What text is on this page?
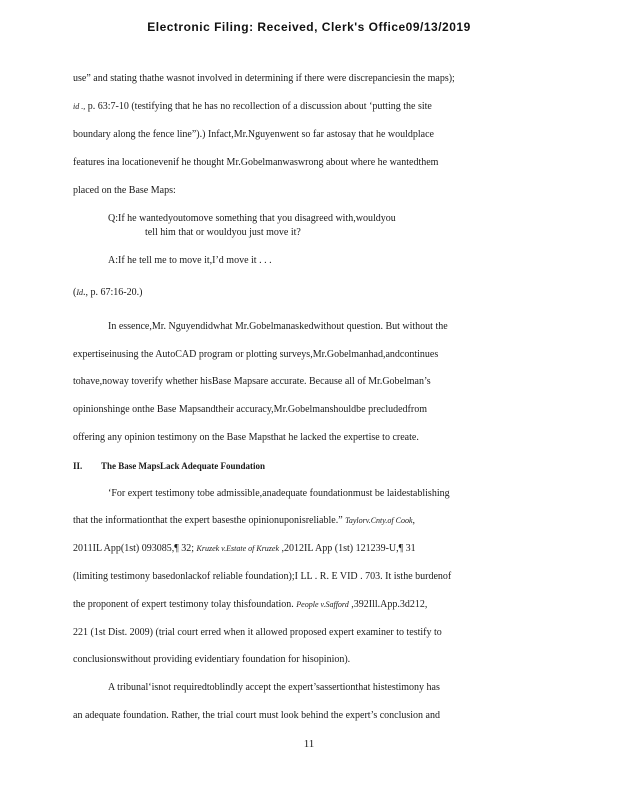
Electronic Filing: Received, Clerk's Office09/13/2019
use” and stating thathe wasnot involved in determining if there were discrepanciesin the maps);
id ., p. 63:7-10 (testifying that he has no recollection of a discussion about ‘putting the site
boundary along the fence line”).) Infact,Mr.Nguyenwent so far astosay that he wouldplace
features ina locationevenif he thought Mr.Gobelmanwaswrong about where he wantedthem
placed on the Base Maps:
Q:If he wantedyoutomove something that you disagreed with,wouldyou
tell him that or wouldyou just move it?
A:If he tell me to move it,I’d move it . . .
(Id., p. 67:16-20.)
In essence,Mr. Nguyendidwhat Mr.Gobelmanaskedwithout question. But without the
expertiseinusing the AutoCAD program or plotting surveys,Mr.Gobelmanhad,andcontinues
tohave,noway toverify whether hisBase Mapsare accurate. Because all of Mr.Gobelman’s
opinionshinge onthe Base Mapsandtheir accuracy,Mr.Gobelmanshouldbe precludedfrom
offering any opinion testimony on the Base Mapsthat he lacked the expertise to create.
II. The Base MapsLack Adequate Foundation
‘For expert testimony tobe admissible,anadequate foundationmust be laidestablishing
that the informationthat the expert basesthe opinionuponisreliable.” Taylorv.Cnty.of Cook,
2011IL App(1st) 093085,¶ 32; Kruzek v.Estate of Kruzek ,2012IL App (1st) 121239-U,¶ 31
(limiting testimony basedonlackof reliable foundation);I LL . R. E VID . 703. It isthe burdenof
the proponent of expert testimony tolay thisfoundation. People v.Safford ,392Ill.App.3d212,
221 (1st Dist. 2009) (trial court erred when it allowed proposed expert examiner to testify to
conclusionswithout providing evidentiary foundation for hisopinion).
A tribunal‘isnot requiredtoblindly accept the expert’sassertionthat histestimony has
an adequate foundation. Rather, the trial court must look behind the expert’s conclusion and
11
